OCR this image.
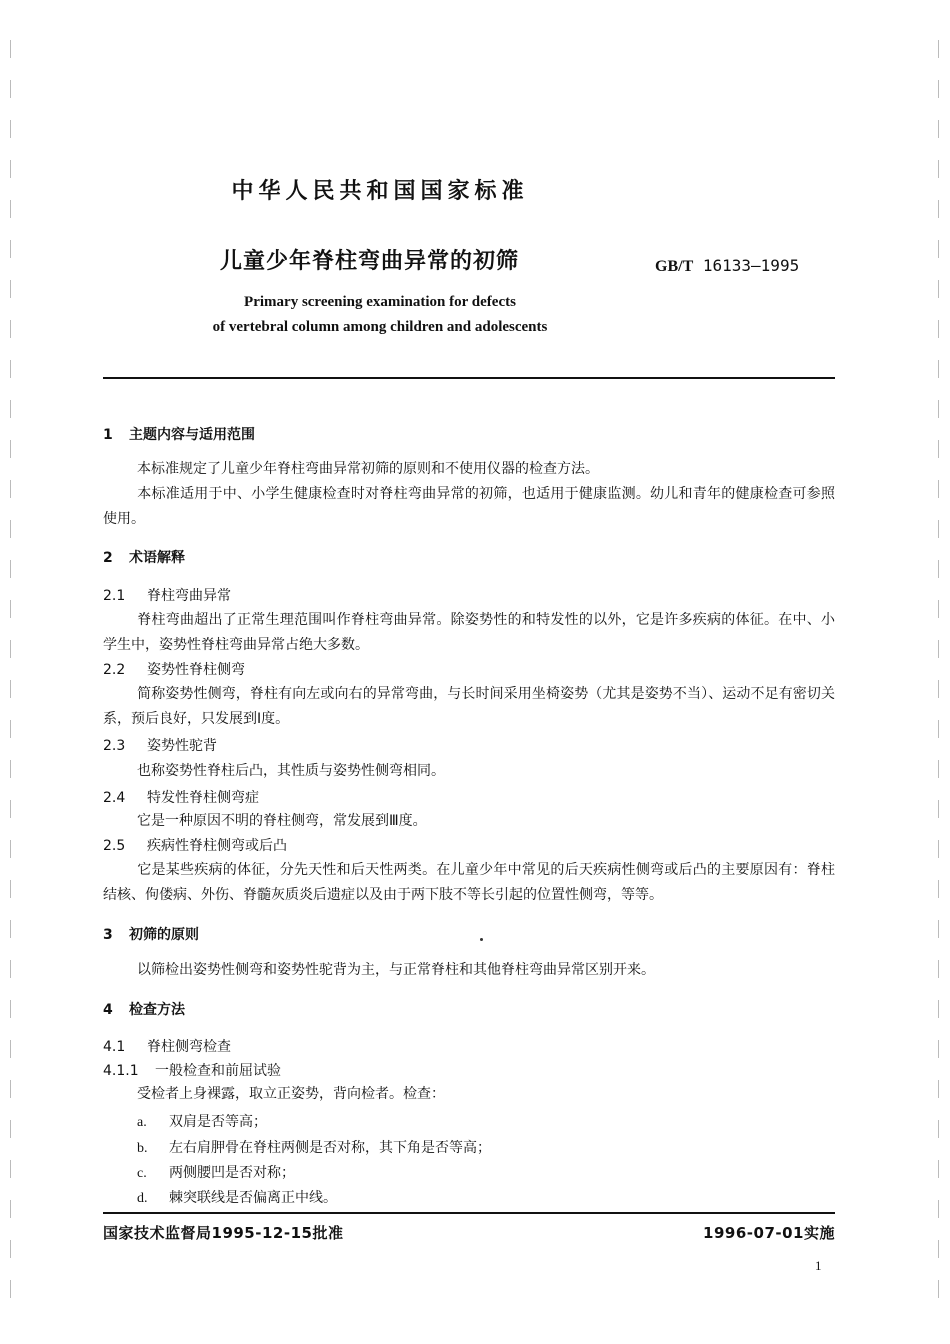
中华人民共和国国家标准
儿童少年脊柱弯曲异常的初筛	GB/T 16133—1995
Primary screening examination for defects
of vertebral column among children and adolescents
1 主题内容与适用范围
本标准规定了儿童少年脊柱弯曲异常初筛的原则和不使用仪器的检查方法。
本标准适用于中、小学生健康检查时对脊柱弯曲异常的初筛，也适用于健康监测。幼儿和青年的健康检查可参照使用。
2 术语解释
2.1 脊柱弯曲异常
脊柱弯曲超出了正常生理范围叫作脊柱弯曲异常。除姿势性的和特发性的以外，它是许多疾病的体征。在中、小学生中，姿势性脊柱弯曲异常占绝大多数。
2.2 姿势性脊柱侧弯
简称姿势性侧弯，脊柱有向左或向右的异常弯曲，与长时间采用坐椅姿势（尤其是姿势不当）、运动不足有密切关系，预后良好，只发展到Ⅰ度。
2.3 姿势性驼背
也称姿势性脊柱后凸，其性质与姿势性侧弯相同。
2.4 特发性脊柱侧弯症
它是一种原因不明的脊柱侧弯，常发展到Ⅲ度。
2.5 疾病性脊柱侧弯或后凸
它是某些疾病的体征，分先天性和后天性两类。在儿童少年中常见的后天疾病性侧弯或后凸的主要原因有：脊柱结核、佝偻病、外伤、脊髓灰质炎后遗症以及由于两下肢不等长引起的位置性侧弯，等等。
3 初筛的原则
以筛检出姿势性侧弯和姿势性驼背为主，与正常脊柱和其他脊柱弯曲异常区别开来。
4 检查方法
4.1 脊柱侧弯检查
4.1.1 一般检查和前屈试验
受检者上身裸露，取立正姿势，背向检者。检查：
a. 双肩是否等高；
b. 左右肩胛骨在脊柱两侧是否对称，其下角是否等高；
c. 两侧腰凹是否对称；
d. 棘突联线是否偏离正中线。
国家技术监督局1995-12-15批准	1996-07-01实施
1
